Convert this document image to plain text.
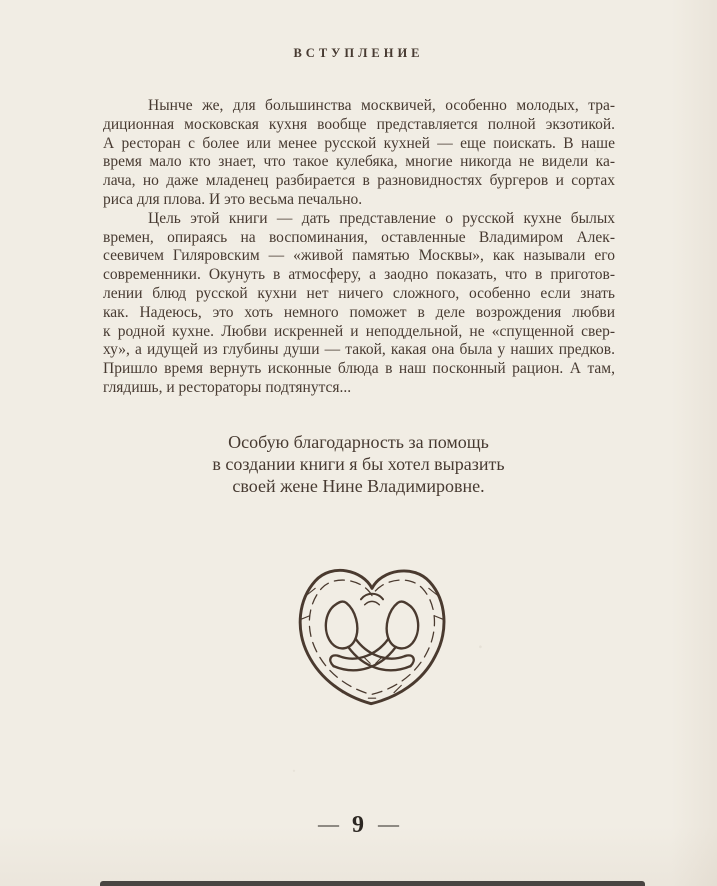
ВСТУПЛЕНИЕ
Нынче же, для большинства москвичей, особенно молодых, тра-
диционная московская кухня вообще представляется полной экзотикой.
А ресторан с более или менее русской кухней — еще поискать. В наше
время мало кто знает, что такое кулебяка, многие никогда не видели ка-
лача, но даже младенец разбирается в разновидностях бургеров и сортах
риса для плова. И это весьма печально.
Цель этой книги — дать представление о русской кухне былых
времен, опираясь на воспоминания, оставленные Владимиром Алек-
сеевичем Гиляровским — «живой памятью Москвы», как называли его
современники. Окунуть в атмосферу, а заодно показать, что в приготов-
лении блюд русской кухни нет ничего сложного, особенно если знать
как. Надеюсь, это хоть немного поможет в деле возрождения любви
к родной кухне. Любви искренней и неподдельной, не «спущенной свер-
ху», а идущей из глубины души — такой, какая она была у наших предков.
Пришло время вернуть исконные блюда в наш посконный рацион. А там,
глядишь, и рестораторы подтянутся...
Особую благодарность за помощь
в создании книги я бы хотел выразить
своей жене Нине Владимировне.
— 9 —
